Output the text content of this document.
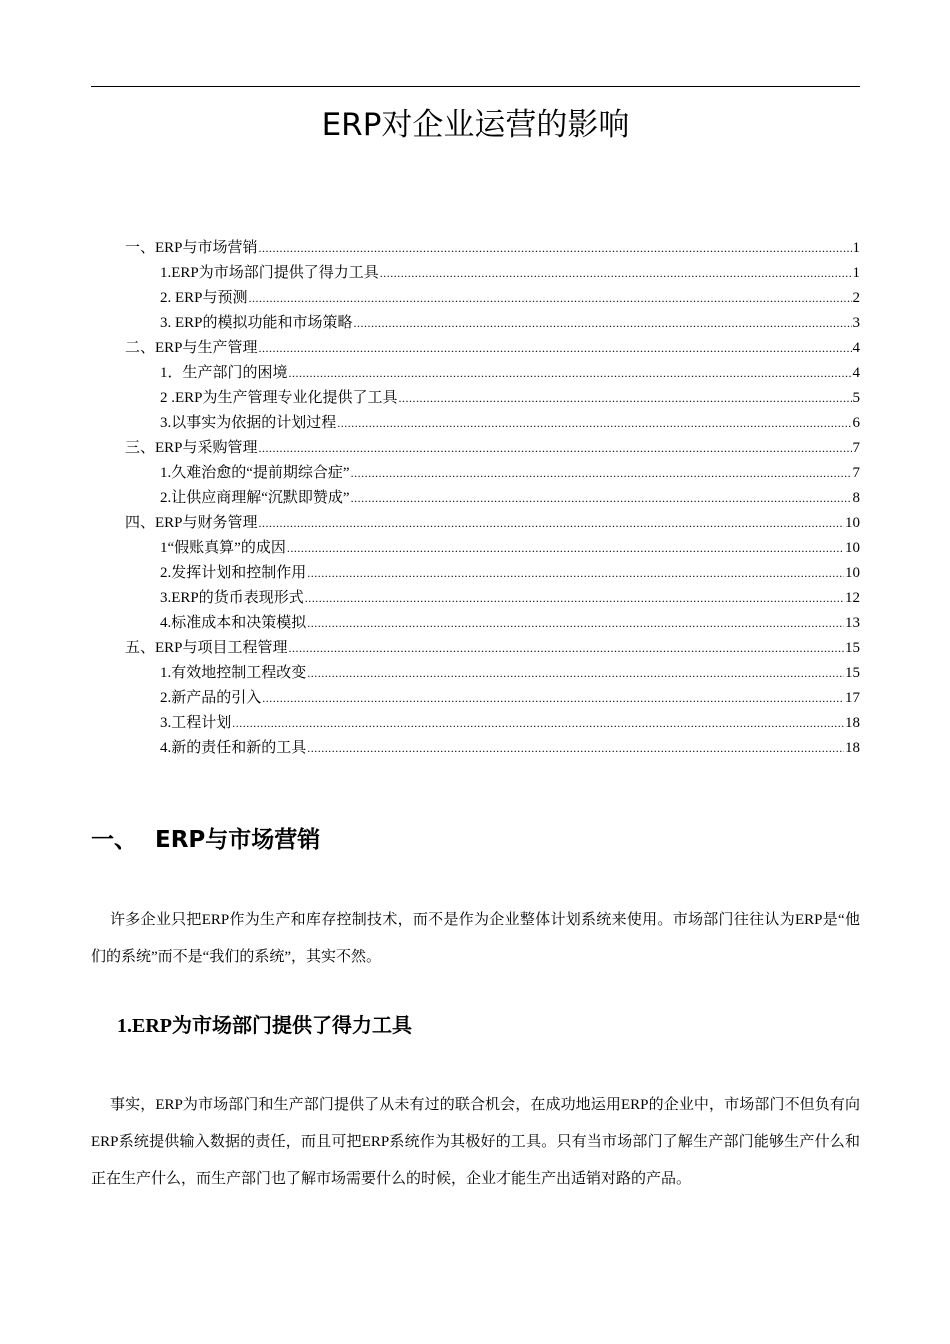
ERP对企业运营的影响
一、 ERP与市场营销 .....	1
1.ERP为市场部门提供了得力工具 .....	1
2. ERP与预测 .....	2
3. ERP的模拟功能和市场策略 .....	3
二、 ERP与生产管理 .....	4
1．生产部门的困境 .....	4
2 .ERP为生产管理专业化提供了工具 .....	5
3.以事实为依据的计划过程 .....	6
三、 ERP与采购管理 .....	7
1.久难治愈的“提前期综合症” .....	7
2.让供应商理解“沉默即赞成” .....	8
四、 ERP与财务管理 .....	10
1“假账真算”的成因 .....	10
2.发挥计划和控制作用 .....	10
3.ERP的货币表现形式 .....	12
4.标准成本和决策模拟 .....	13
五、ERP与项目工程管理 .....	15
1.有效地控制工程改变 .....	15
2.新产品的引入 .....	17
3.工程计划 .....	18
4.新的责任和新的工具 .....	18
一、 ERP与市场营销

许多企业只把ERP作为生产和库存控制技术，而不是作为企业整体计划系统来使用。市场部门往往认为ERP是“他们的系统”而不是“我们的系统”，其实不然。

1.ERP为市场部门提供了得力工具

事实，ERP为市场部门和生产部门提供了从未有过的联合机会，在成功地运用ERP的企业中，市场部门不但负有向ERP系统提供输入数据的责任，而且可把ERP系统作为其极好的工具。只有当市场部门了解生产部门能够生产什么和正在生产什么，而生产部门也了解市场需要什么的时候，企业才能生产出适销对路的产品。
